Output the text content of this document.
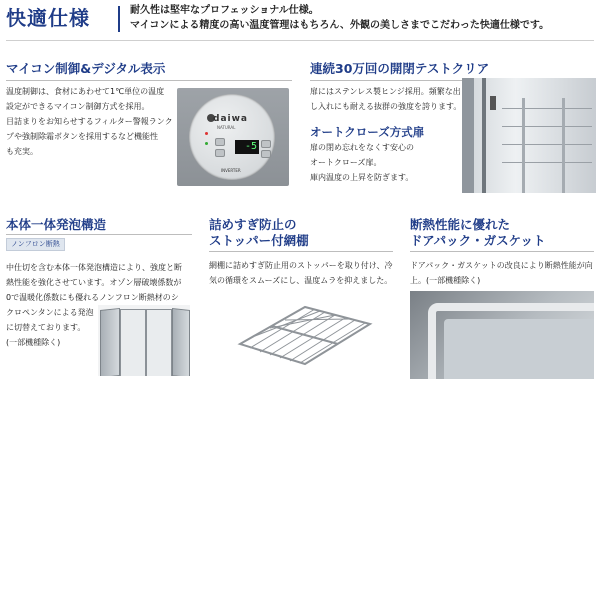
快適仕様	耐久性は堅牢なプロフェッショナル仕様。
マイコンによる精度の高い温度管理はもちろん、外観の美しさまでこだわった快適仕様です。
マイコン制御&デジタル表示
温度制御は、食材にあわせて1℃単位の温度
設定ができるマイコン制御方式を採用。
目詰まりをお知らせするフィルター警報ランク
プや強制除霜ボタンを採用するなど機能性
も充実。
daiwa
NATURAL
-5
INVERTER
連続30万回の開閉テストクリア
扉にはステンレス製ヒンジ採用。頻繁な出
し入れにも耐える抜群の強度を誇ります。
オートクローズ方式扉
扉の閉め忘れをなくす安心の
オートクローズ扉。
庫内温度の上昇を防ぎます。
本体一体発泡構造
ノンフロン断熱
中仕切を含む本体一体発泡構造により、強度と断
熱性能を強化させています。オゾン層破壊係数が
0で温暖化係数にも優れるノンフロン断熱材のシ
クロペンタンによる発泡
に切替えております。
(一部機種除く)
詰めすぎ防止の
ストッパー付網棚
網棚に詰めすぎ防止用のストッパーを取り付け、冷
気の循環をスムーズにし、温度ムラを抑えました。
断熱性能に優れた
ドアパック・ガスケット
ドアパック・ガスケットの改良により断熱性能が向
上。(一部機種除く)
